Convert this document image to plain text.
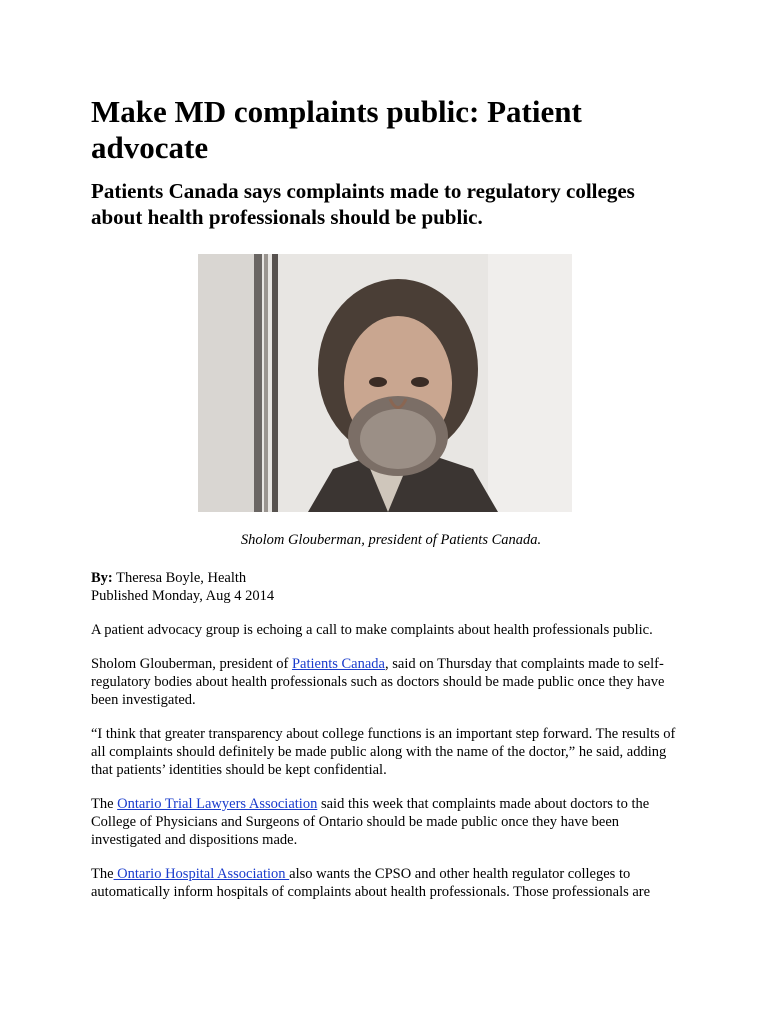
Make MD complaints public: Patient advocate
Patients Canada says complaints made to regulatory colleges about health professionals should be public.
Sholom Glouberman, president of Patients Canada.
By: Theresa Boyle, Health
Published Monday, Aug 4 2014

A patient advocacy group is echoing a call to make complaints about health professionals public.

Sholom Glouberman, president of Patients Canada, said on Thursday that complaints made to self-regulatory bodies about health professionals such as doctors should be made public once they have been investigated.

“I think that greater transparency about college functions is an important step forward. The results of all complaints should definitely be made public along with the name of the doctor,” he said, adding that patients’ identities should be kept confidential.

The Ontario Trial Lawyers Association said this week that complaints made about doctors to the College of Physicians and Surgeons of Ontario should be made public once they have been investigated and dispositions made.

The Ontario Hospital Association also wants the CPSO and other health regulator colleges to automatically inform hospitals of complaints about health professionals. Those professionals are
